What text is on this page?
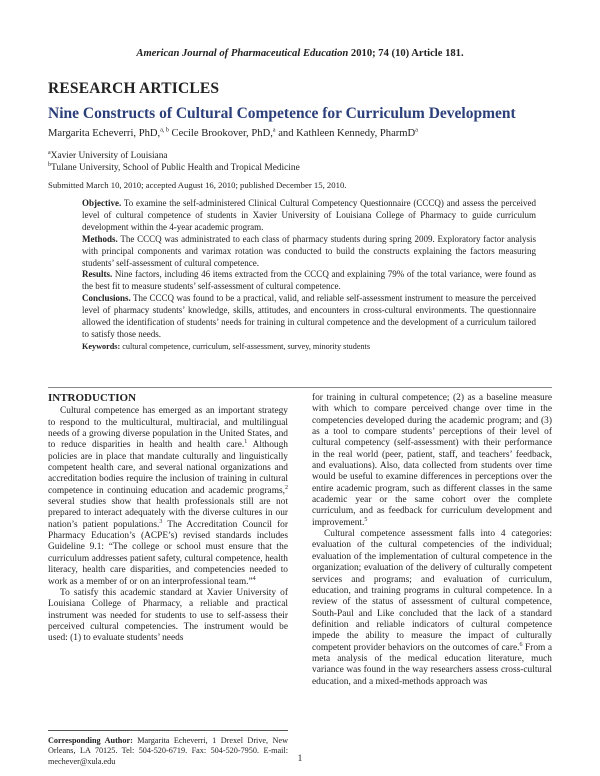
American Journal of Pharmaceutical Education 2010; 74 (10) Article 181.
RESEARCH ARTICLES
Nine Constructs of Cultural Competence for Curriculum Development
Margarita Echeverri, PhD,$^{a, b}$ Cecile Brookover, PhD,$^a$ and Kathleen Kennedy, PharmD$^a$
$^a$Xavier University of Louisiana
$^b$Tulane University, School of Public Health and Tropical Medicine
Submitted March 10, 2010; accepted August 16, 2010; published December 15, 2010.

Objective. To examine the self-administered Clinical Cultural Competency Questionnaire (CCCQ) and assess the perceived level of cultural competence of students in Xavier University of Louisiana College of Pharmacy to guide curriculum development within the 4-year academic program.

Methods. The CCCQ was administrated to each class of pharmacy students during spring 2009. Exploratory factor analysis with principal components and varimax rotation was conducted to build the constructs explaining the factors measuring students’ self-assessment of cultural competence.

Results. Nine factors, including 46 items extracted from the CCCQ and explaining 79% of the total variance, were found as the best fit to measure students’ self-assessment of cultural competence.

Conclusions. The CCCQ was found to be a practical, valid, and reliable self-assessment instrument to measure the perceived level of pharmacy students’ knowledge, skills, attitudes, and encounters in cross-cultural environments. The questionnaire allowed the identification of students’ needs for training in cultural competence and the development of a curriculum tailored to satisfy those needs.

Keywords: cultural competence, curriculum, self-assessment, survey, minority students

INTRODUCTION

Cultural competence has emerged as an important strategy to respond to the multicultural, multiracial, and multilingual needs of a growing diverse population in the United States, and to reduce disparities in health and health care.$^1$ Although policies are in place that mandate culturally and linguistically competent health care, and several national organizations and accreditation bodies require the inclusion of training in cultural competence in continuing education and academic programs,$^2$ several studies show that health professionals still are not prepared to interact adequately with the diverse cultures in our nation’s patient populations.$^3$ The Accreditation Council for Pharmacy Education’s (ACPE’s) revised standards includes Guideline 9.1: “The college or school must ensure that the curriculum addresses patient safety, cultural competence, health literacy, health care disparities, and competencies needed to work as a member of or on an interprofessional team.”$^4$

To satisfy this academic standard at Xavier University of Louisiana College of Pharmacy, a reliable and practical instrument was needed for students to use to self-assess their perceived cultural competencies. The instrument would be used: (1) to evaluate students’ needs

for training in cultural competence; (2) as a baseline measure with which to compare perceived change over time in the competencies developed during the academic program; and (3) as a tool to compare students’ perceptions of their level of cultural competency (self-assessment) with their performance in the real world (peer, patient, staff, and teachers’ feedback, and evaluations). Also, data collected from students over time would be useful to examine differences in perceptions over the entire academic program, such as different classes in the same academic year or the same cohort over the complete curriculum, and as feedback for curriculum development and improvement.$^5$

Cultural competence assessment falls into 4 categories: evaluation of the cultural competencies of the individual; evaluation of the implementation of cultural competence in the organization; evaluation of the delivery of culturally competent services and programs; and evaluation of curriculum, education, and training programs in cultural competence. In a review of the status of assessment of cultural competence, South-Paul and Like concluded that the lack of a standard definition and reliable indicators of cultural competence impede the ability to measure the impact of culturally competent provider behaviors on the outcomes of care.$^6$ From a meta analysis of the medical education literature, much variance was found in the way researchers assess cross-cultural education, and a mixed-methods approach was

Corresponding Author: Margarita Echeverri, 1 Drexel Drive, New Orleans, LA 70125. Tel: 504-520-6719. Fax: 504-520-7950. E-mail: mechever@xula.edu	1
